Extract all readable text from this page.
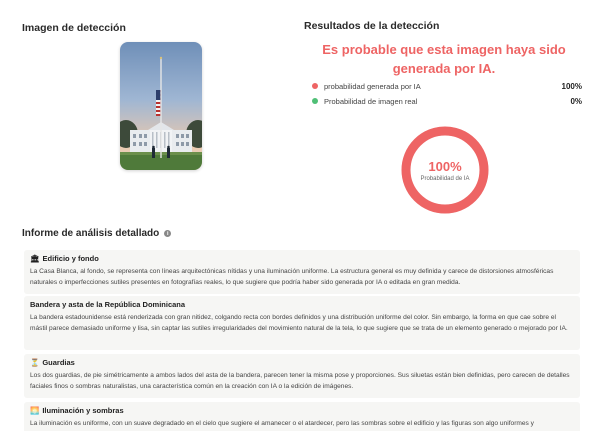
Imagen de detección	Resultados de la detección
Es probable que esta imagen haya sido generada por IA.
probabilidad generada por IA	100%
Probabilidad de imagen real	0%
100%
Probabilidad de IA
Informe de análisis detallado	i
🏛 Edificio y fondo

La Casa Blanca, al fondo, se representa con líneas arquitectónicas nítidas y una iluminación uniforme. La estructura general es muy definida y carece de distorsiones atmosféricas naturales o imperfecciones sutiles presentes en fotografías reales, lo que sugiere que podría haber sido generada por IA o editada en gran medida.

Bandera y asta de la República Dominicana

La bandera estadounidense está renderizada con gran nitidez, colgando recta con bordes definidos y una distribución uniforme del color. Sin embargo, la forma en que cae sobre el mástil parece demasiado uniforme y lisa, sin captar las sutiles irregularidades del movimiento natural de la tela, lo que sugiere que se trata de un elemento generado o mejorado por IA.

⏳ Guardias

Los dos guardias, de pie simétricamente a ambos lados del asta de la bandera, parecen tener la misma pose y proporciones. Sus siluetas están bien definidas, pero carecen de detalles faciales finos o sombras naturalistas, una característica común en la creación con IA o la edición de imágenes.

🌅 Iluminación y sombras

La iluminación es uniforme, con un suave degradado en el cielo que sugiere el amanecer o el atardecer, pero las sombras sobre el edificio y las figuras son algo uniformes y
